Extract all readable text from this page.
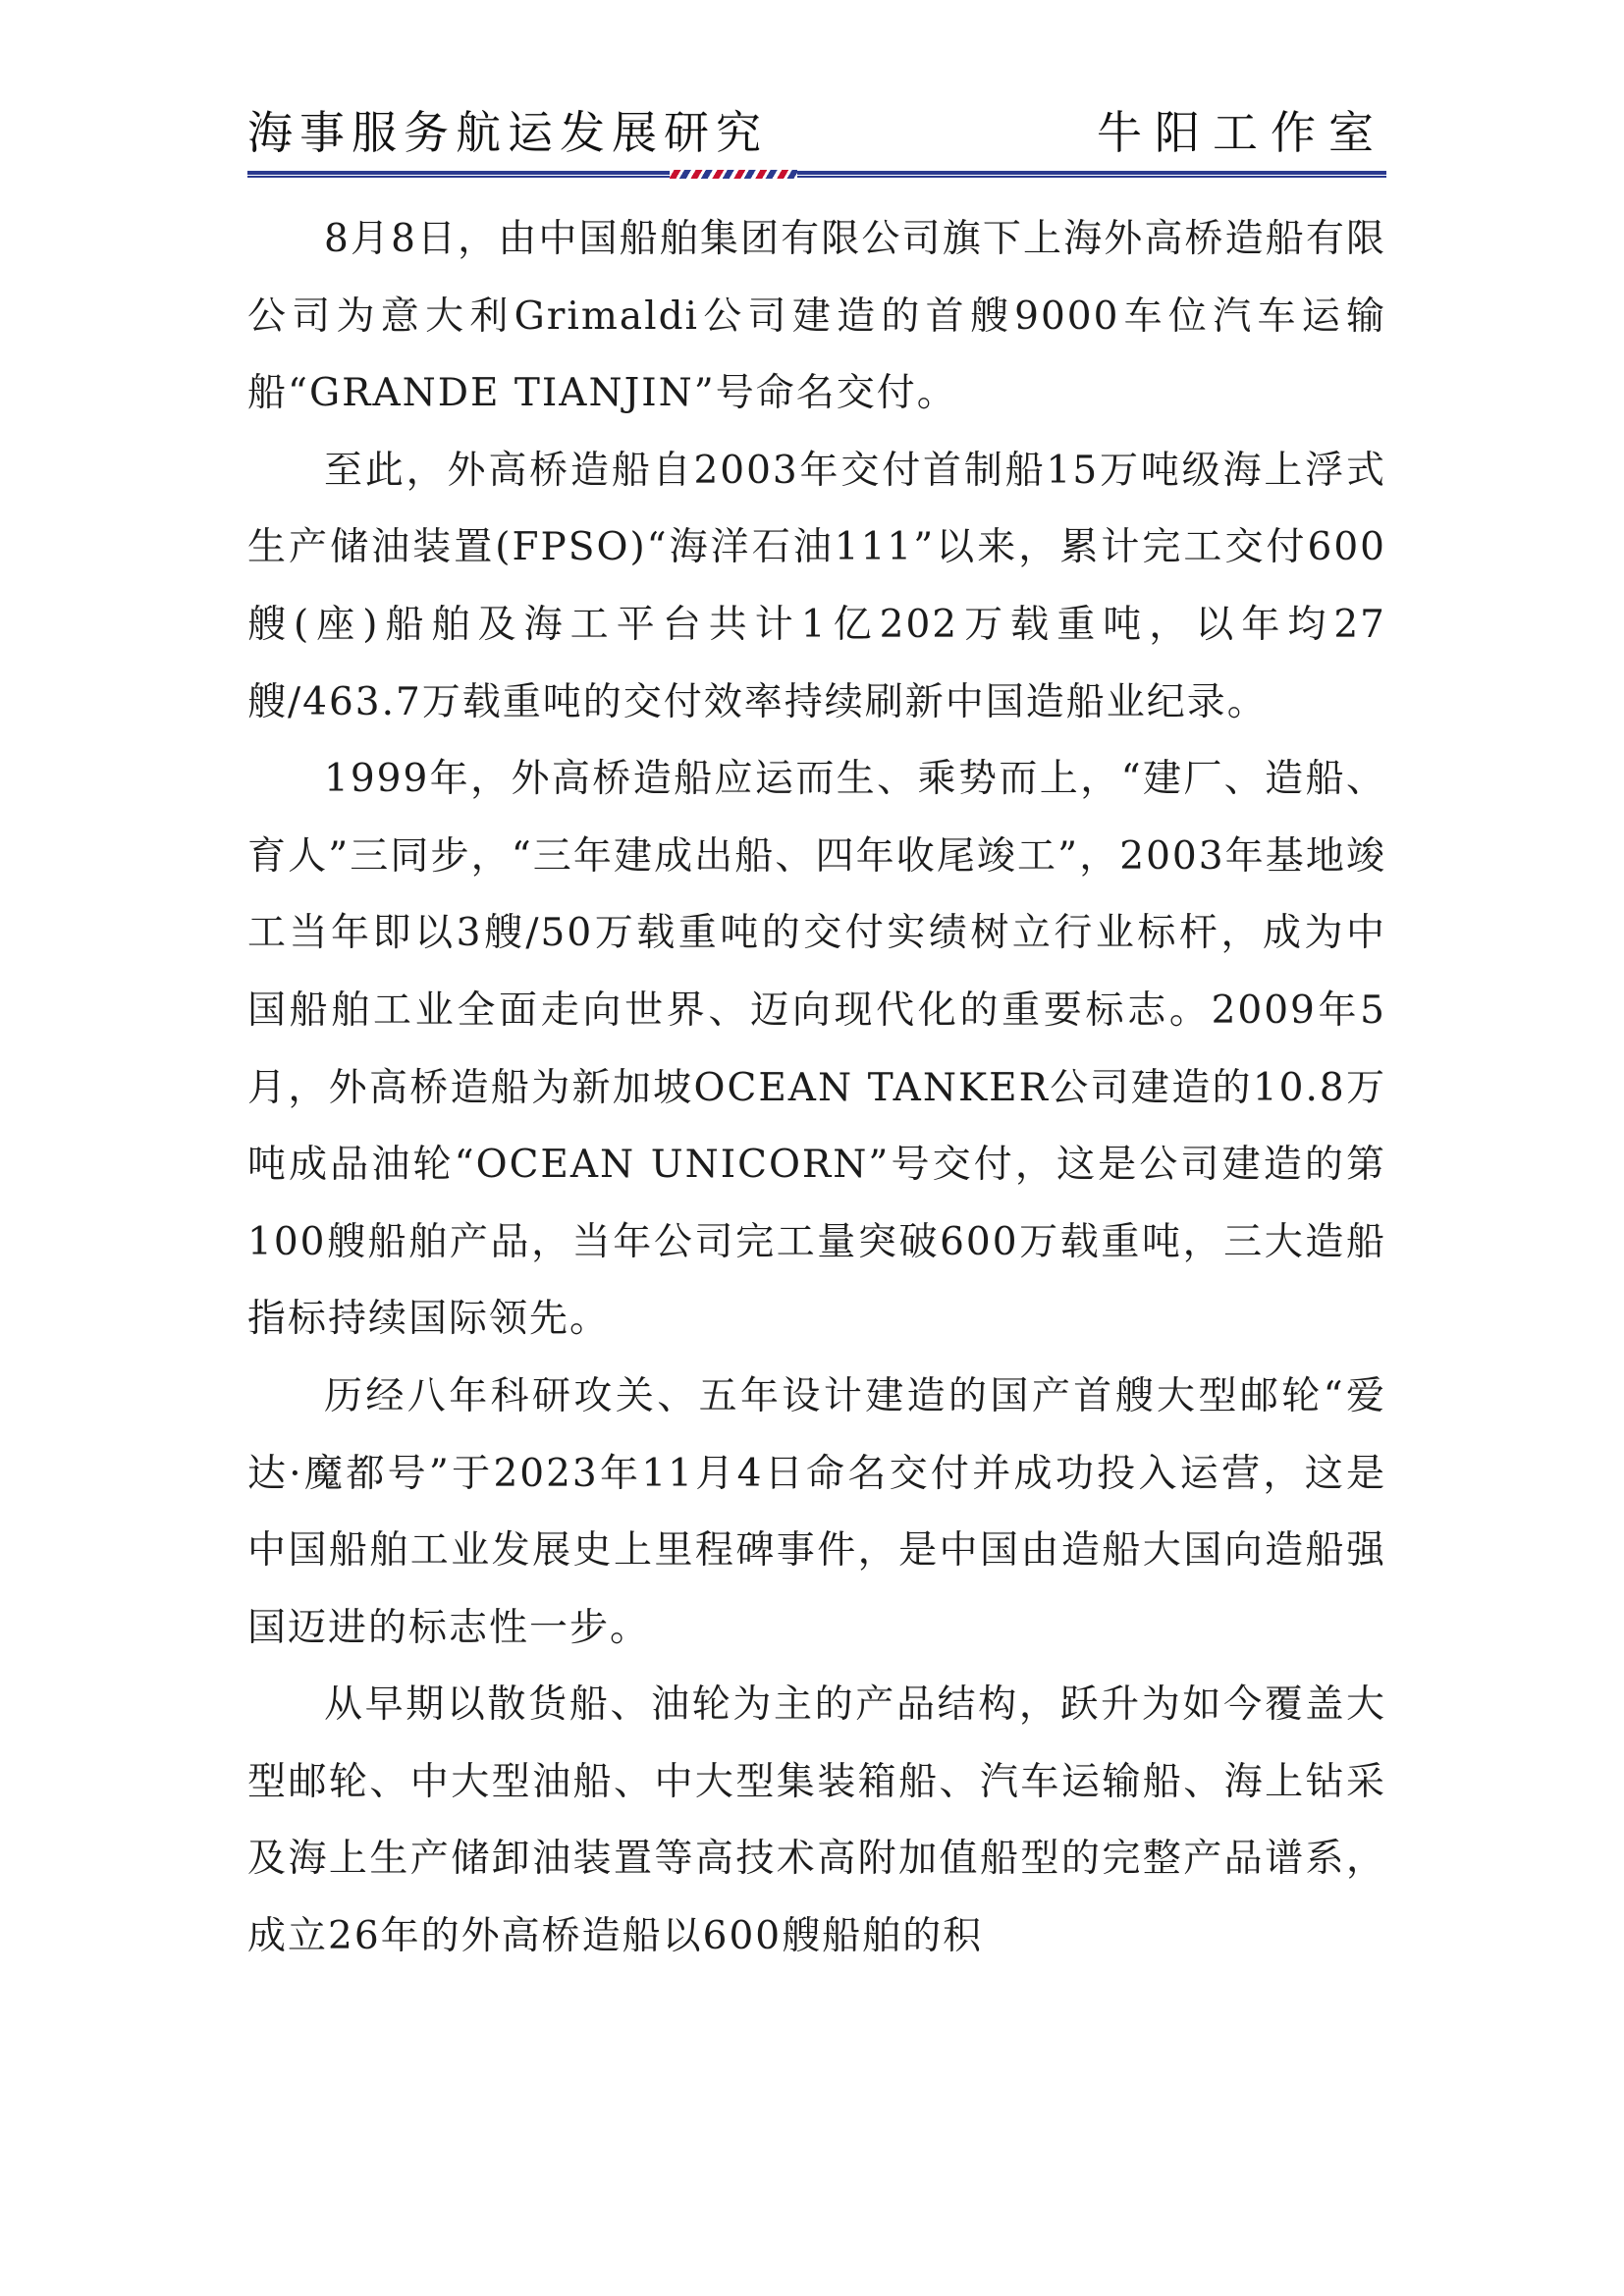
海事服务航运发展研究	牛阳工作室

8月8日，由中国船舶集团有限公司旗下上海外高桥造船有限公司为意大利Grimaldi公司建造的首艘9000车位汽车运输船“GRANDE TIANJIN”号命名交付。

至此，外高桥造船自2003年交付首制船15万吨级海上浮式生产储油装置(FPSO)“海洋石油111”以来，累计完工交付600艘(座)船舶及海工平台共计1亿202万载重吨，以年均27艘/463.7万载重吨的交付效率持续刷新中国造船业纪录。

1999年，外高桥造船应运而生、乘势而上，“建厂、造船、育人”三同步，“三年建成出船、四年收尾竣工”，2003年基地竣工当年即以3艘/50万载重吨的交付实绩树立行业标杆，成为中国船舶工业全面走向世界、迈向现代化的重要标志。2009年5月，外高桥造船为新加坡OCEAN TANKER公司建造的10.8万吨成品油轮“OCEAN UNICORN”号交付，这是公司建造的第100艘船舶产品，当年公司完工量突破600万载重吨，三大造船指标持续国际领先。

历经八年科研攻关、五年设计建造的国产首艘大型邮轮“爱达·魔都号”于2023年11月4日命名交付并成功投入运营，这是中国船舶工业发展史上里程碑事件，是中国由造船大国向造船强国迈进的标志性一步。

从早期以散货船、油轮为主的产品结构，跃升为如今覆盖大型邮轮、中大型油船、中大型集装箱船、汽车运输船、海上钻采及海上生产储卸油装置等高技术高附加值船型的完整产品谱系，成立26年的外高桥造船以600艘船舶的积
